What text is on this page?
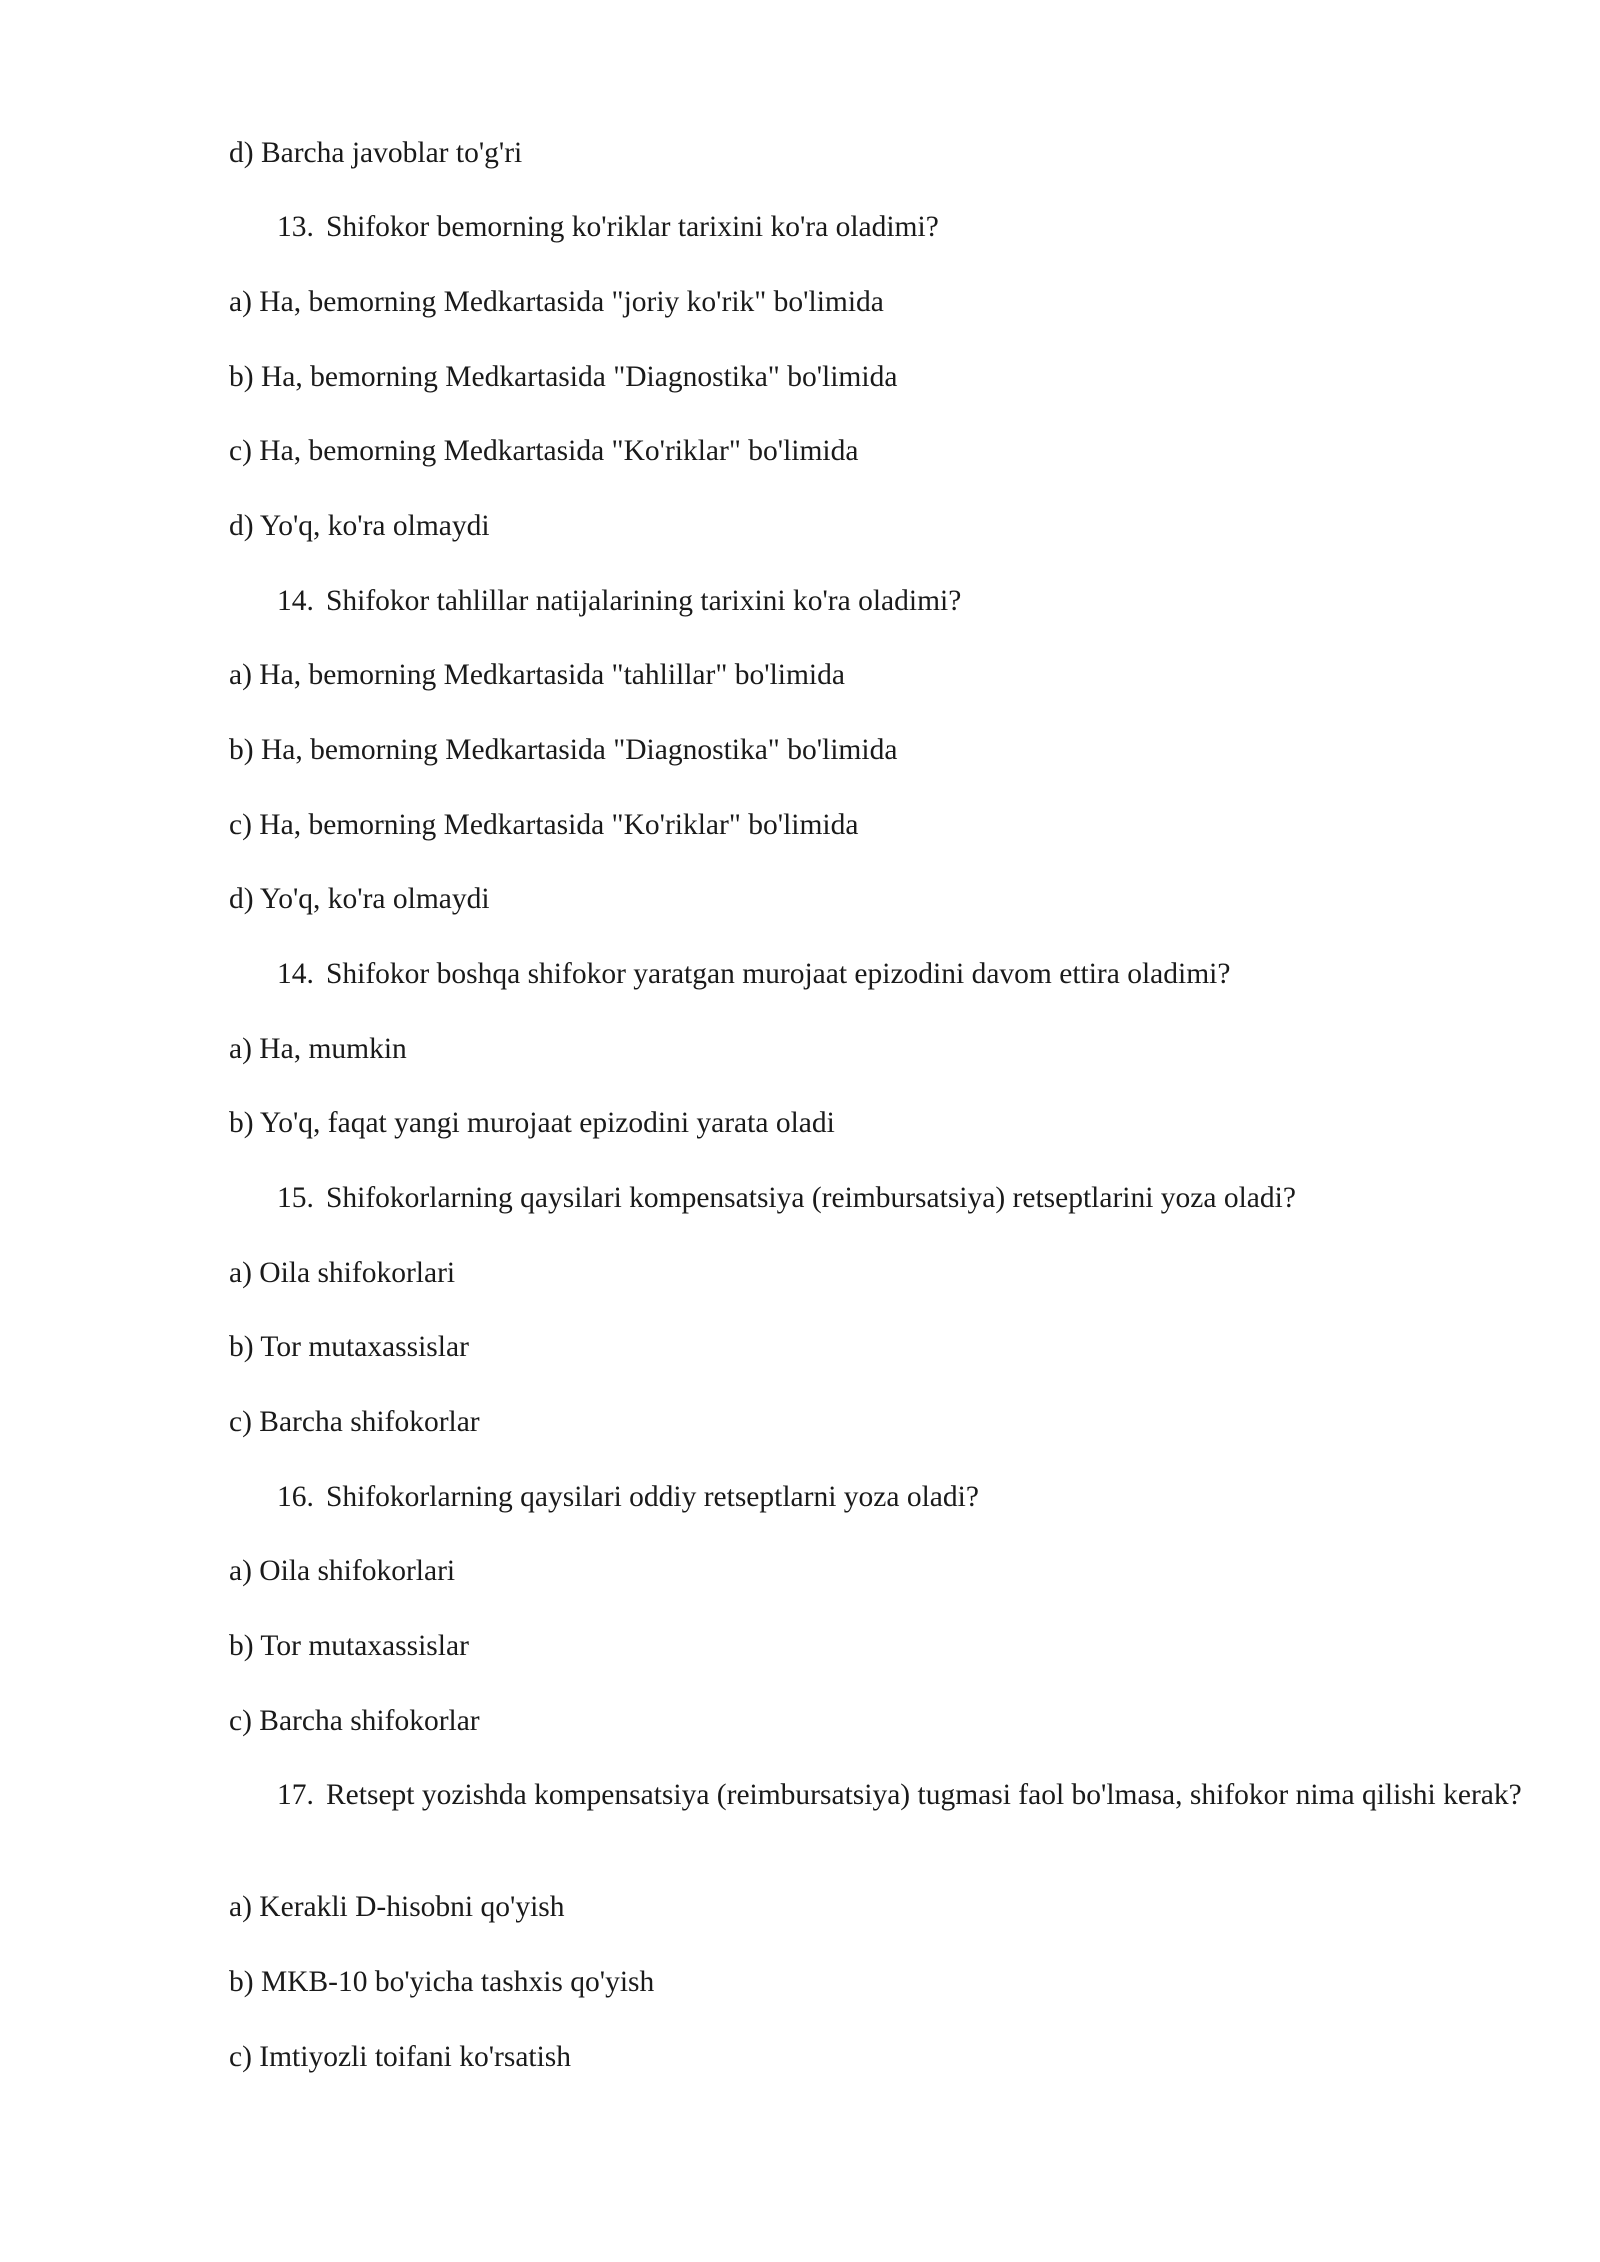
d) Barcha javoblar to'g'ri
13. Shifokor bemorning ko'riklar tarixini ko'ra oladimi?
a) Ha, bemorning Medkartasida "joriy ko'rik" bo'limida
b) Ha, bemorning Medkartasida "Diagnostika" bo'limida
c) Ha, bemorning Medkartasida "Ko'riklar" bo'limida
d) Yo'q, ko'ra olmaydi
14. Shifokor tahlillar natijalarining tarixini ko'ra oladimi?
a) Ha, bemorning Medkartasida "tahlillar" bo'limida
b) Ha, bemorning Medkartasida "Diagnostika" bo'limida
c) Ha, bemorning Medkartasida "Ko'riklar" bo'limida
d) Yo'q, ko'ra olmaydi
14. Shifokor boshqa shifokor yaratgan murojaat epizodini davom ettira oladimi?
a) Ha, mumkin
b) Yo'q, faqat yangi murojaat epizodini yarata oladi
15. Shifokorlarning qaysilari kompensatsiya (reimbursatsiya) retseptlarini yoza oladi?
a) Oila shifokorlari
b) Tor mutaxassislar
c) Barcha shifokorlar
16. Shifokorlarning qaysilari oddiy retseptlarni yoza oladi?
a) Oila shifokorlari
b) Tor mutaxassislar
c) Barcha shifokorlar
17. Retsept yozishda kompensatsiya (reimbursatsiya) tugmasi faol bo'lmasa, shifokor nima qilishi kerak?
a) Kerakli D-hisobni qo'yish
b) MKB-10 bo'yicha tashxis qo'yish
c) Imtiyozli toifani ko'rsatish
